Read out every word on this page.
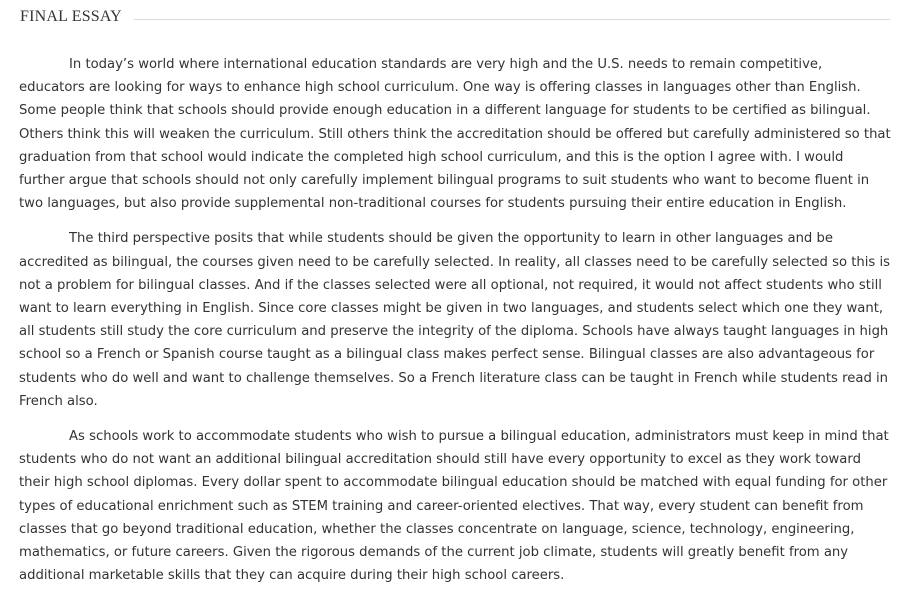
FINAL ESSAY

In today’s world where international education standards are very high and the U.S. needs to remain competitive, educators are looking for ways to enhance high school curriculum. One way is offering classes in languages other than English. Some people think that schools should provide enough education in a different language for students to be certified as bilingual. Others think this will weaken the curriculum. Still others think the accreditation should be offered but carefully administered so that graduation from that school would indicate the completed high school curriculum, and this is the option I agree with. I would further argue that schools should not only carefully implement bilingual programs to suit students who want to become fluent in two languages, but also provide supplemental non-traditional courses for students pursuing their entire education in English.

The third perspective posits that while students should be given the opportunity to learn in other languages and be accredited as bilingual, the courses given need to be carefully selected. In reality, all classes need to be carefully selected so this is not a problem for bilingual classes. And if the classes selected were all optional, not required, it would not affect students who still want to learn everything in English. Since core classes might be given in two languages, and students select which one they want, all students still study the core curriculum and preserve the integrity of the diploma. Schools have always taught languages in high school so a French or Spanish course taught as a bilingual class makes perfect sense. Bilingual classes are also advantageous for students who do well and want to challenge themselves. So a French literature class can be taught in French while students read in French also.

As schools work to accommodate students who wish to pursue a bilingual education, administrators must keep in mind that students who do not want an additional bilingual accreditation should still have every opportunity to excel as they work toward their high school diplomas. Every dollar spent to accommodate bilingual education should be matched with equal funding for other types of educational enrichment such as STEM training and career-oriented electives. That way, every student can benefit from classes that go beyond traditional education, whether the classes concentrate on language, science, technology, engineering, mathematics, or future careers. Given the rigorous demands of the current job climate, students will greatly benefit from any additional marketable skills that they can acquire during their high school careers.
